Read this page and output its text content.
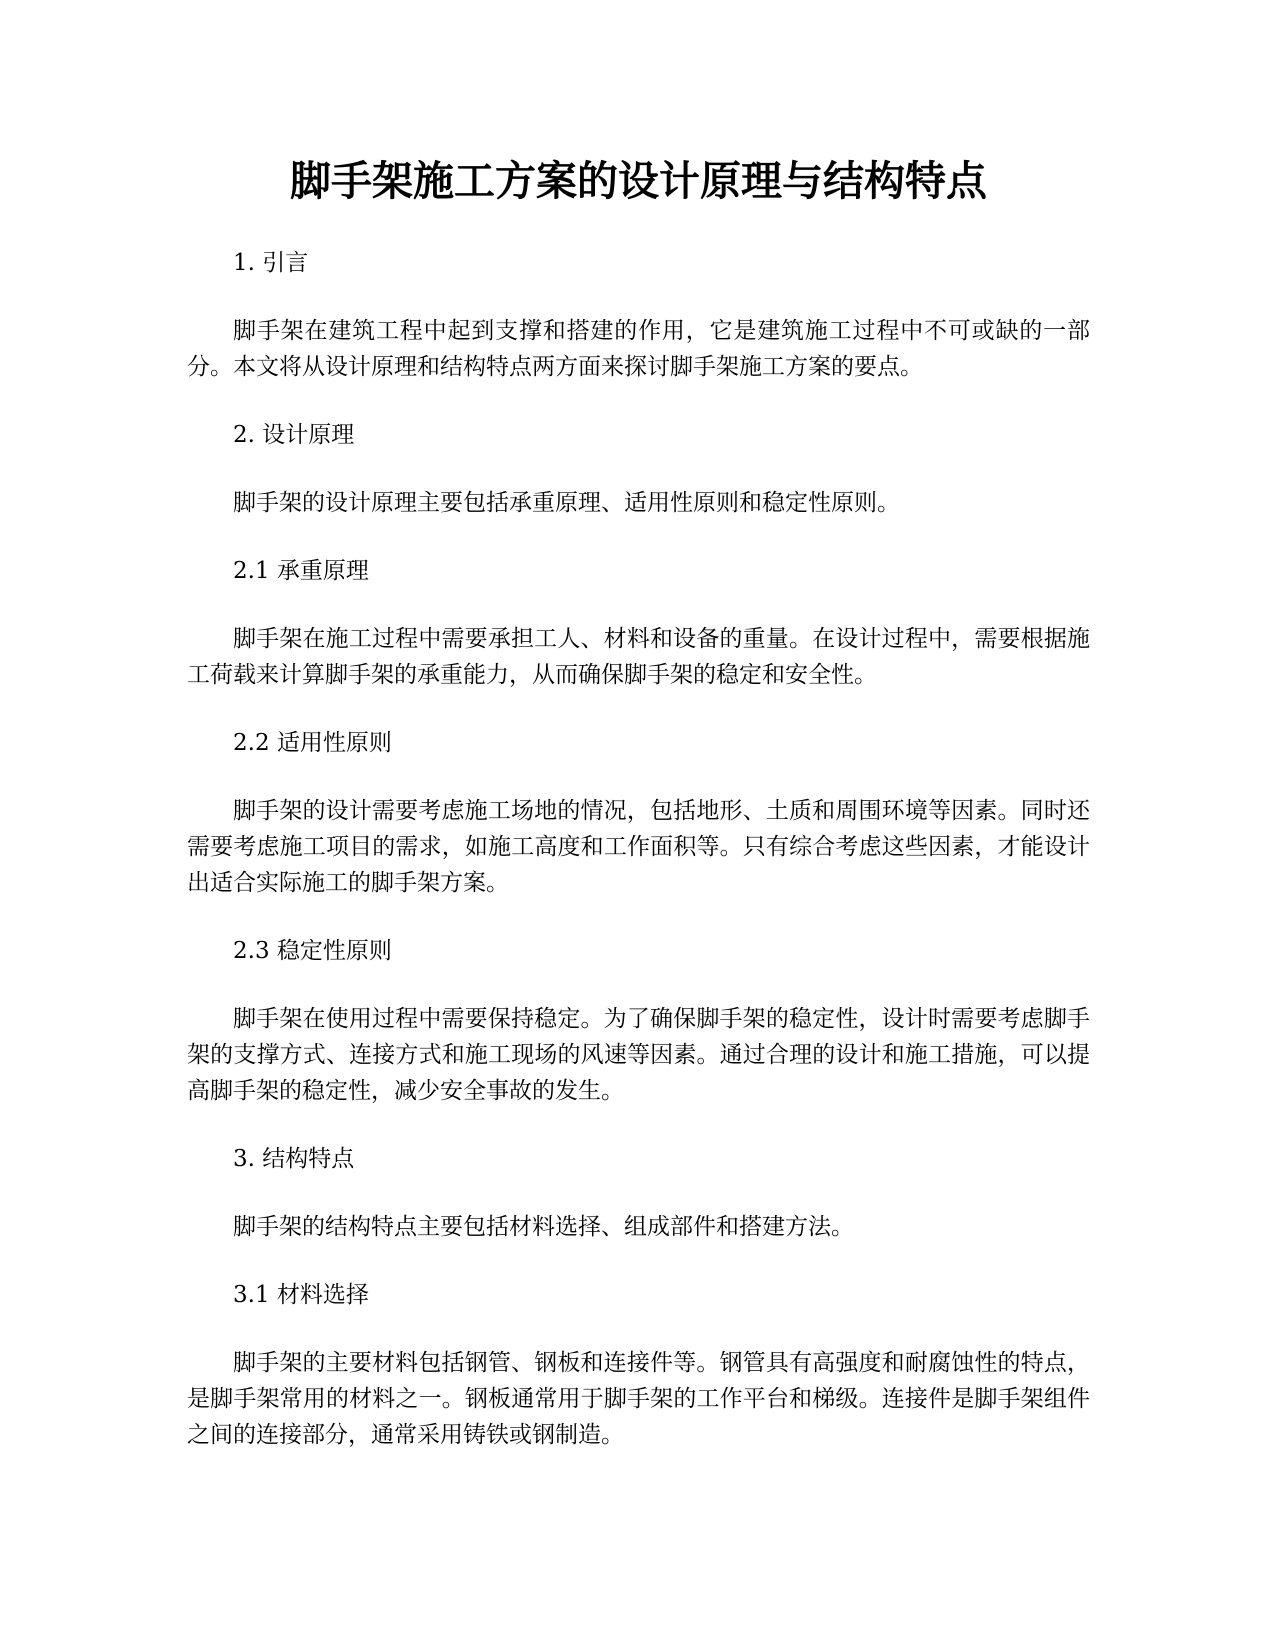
脚手架施工方案的设计原理与结构特点

1. 引言

脚手架在建筑工程中起到支撑和搭建的作用，它是建筑施工过程中不可或缺的一部分。本文将从设计原理和结构特点两方面来探讨脚手架施工方案的要点。

2. 设计原理

脚手架的设计原理主要包括承重原理、适用性原则和稳定性原则。

2.1 承重原理

脚手架在施工过程中需要承担工人、材料和设备的重量。在设计过程中，需要根据施工荷载来计算脚手架的承重能力，从而确保脚手架的稳定和安全性。

2.2 适用性原则

脚手架的设计需要考虑施工场地的情况，包括地形、土质和周围环境等因素。同时还需要考虑施工项目的需求，如施工高度和工作面积等。只有综合考虑这些因素，才能设计出适合实际施工的脚手架方案。

2.3 稳定性原则

脚手架在使用过程中需要保持稳定。为了确保脚手架的稳定性，设计时需要考虑脚手架的支撑方式、连接方式和施工现场的风速等因素。通过合理的设计和施工措施，可以提高脚手架的稳定性，减少安全事故的发生。

3. 结构特点

脚手架的结构特点主要包括材料选择、组成部件和搭建方法。

3.1 材料选择

脚手架的主要材料包括钢管、钢板和连接件等。钢管具有高强度和耐腐蚀性的特点，是脚手架常用的材料之一。钢板通常用于脚手架的工作平台和梯级。连接件是脚手架组件之间的连接部分，通常采用铸铁或钢制造。
